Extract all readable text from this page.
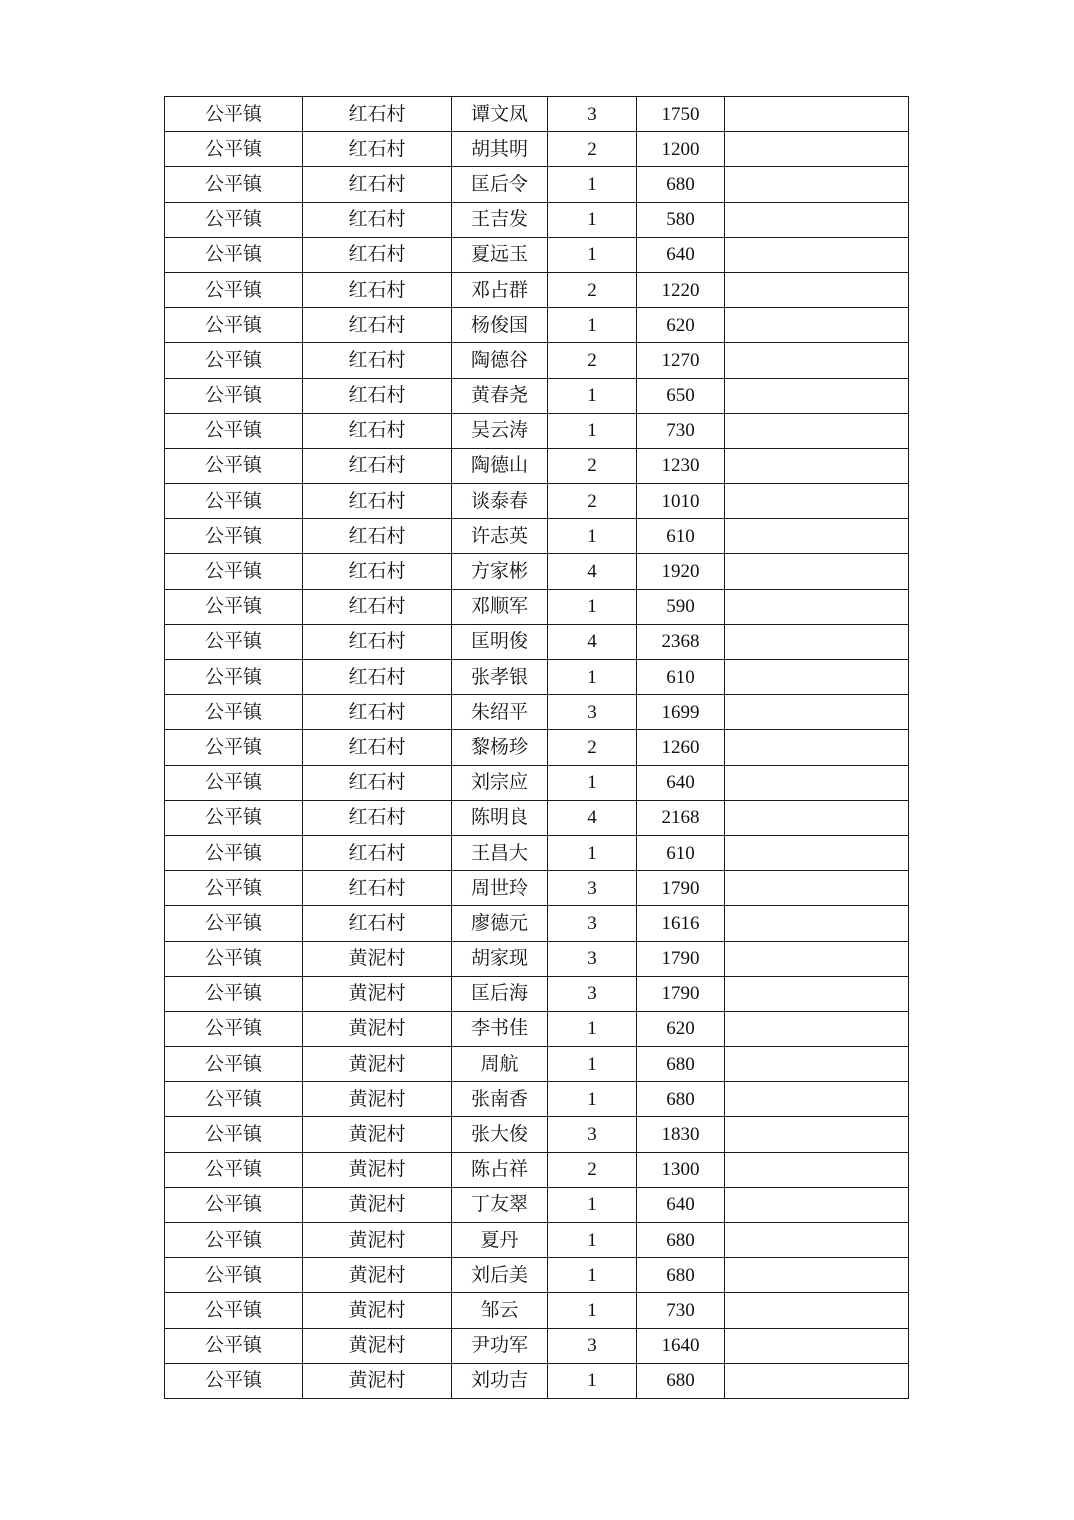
公平镇	红石村	谭文凤	3	1750	
公平镇	红石村	胡其明	2	1200	
公平镇	红石村	匡后令	1	680	
公平镇	红石村	王吉发	1	580	
公平镇	红石村	夏远玉	1	640	
公平镇	红石村	邓占群	2	1220	
公平镇	红石村	杨俊国	1	620	
公平镇	红石村	陶德谷	2	1270	
公平镇	红石村	黄春尧	1	650	
公平镇	红石村	吴云涛	1	730	
公平镇	红石村	陶德山	2	1230	
公平镇	红石村	谈泰春	2	1010	
公平镇	红石村	许志英	1	610	
公平镇	红石村	方家彬	4	1920	
公平镇	红石村	邓顺军	1	590	
公平镇	红石村	匡明俊	4	2368	
公平镇	红石村	张孝银	1	610	
公平镇	红石村	朱绍平	3	1699	
公平镇	红石村	黎杨珍	2	1260	
公平镇	红石村	刘宗应	1	640	
公平镇	红石村	陈明良	4	2168	
公平镇	红石村	王昌大	1	610	
公平镇	红石村	周世玲	3	1790	
公平镇	红石村	廖德元	3	1616	
公平镇	黄泥村	胡家现	3	1790	
公平镇	黄泥村	匡后海	3	1790	
公平镇	黄泥村	李书佳	1	620	
公平镇	黄泥村	周航	1	680	
公平镇	黄泥村	张南香	1	680	
公平镇	黄泥村	张大俊	3	1830	
公平镇	黄泥村	陈占祥	2	1300	
公平镇	黄泥村	丁友翠	1	640	
公平镇	黄泥村	夏丹	1	680	
公平镇	黄泥村	刘后美	1	680	
公平镇	黄泥村	邹云	1	730	
公平镇	黄泥村	尹功军	3	1640	
公平镇	黄泥村	刘功吉	1	680	
